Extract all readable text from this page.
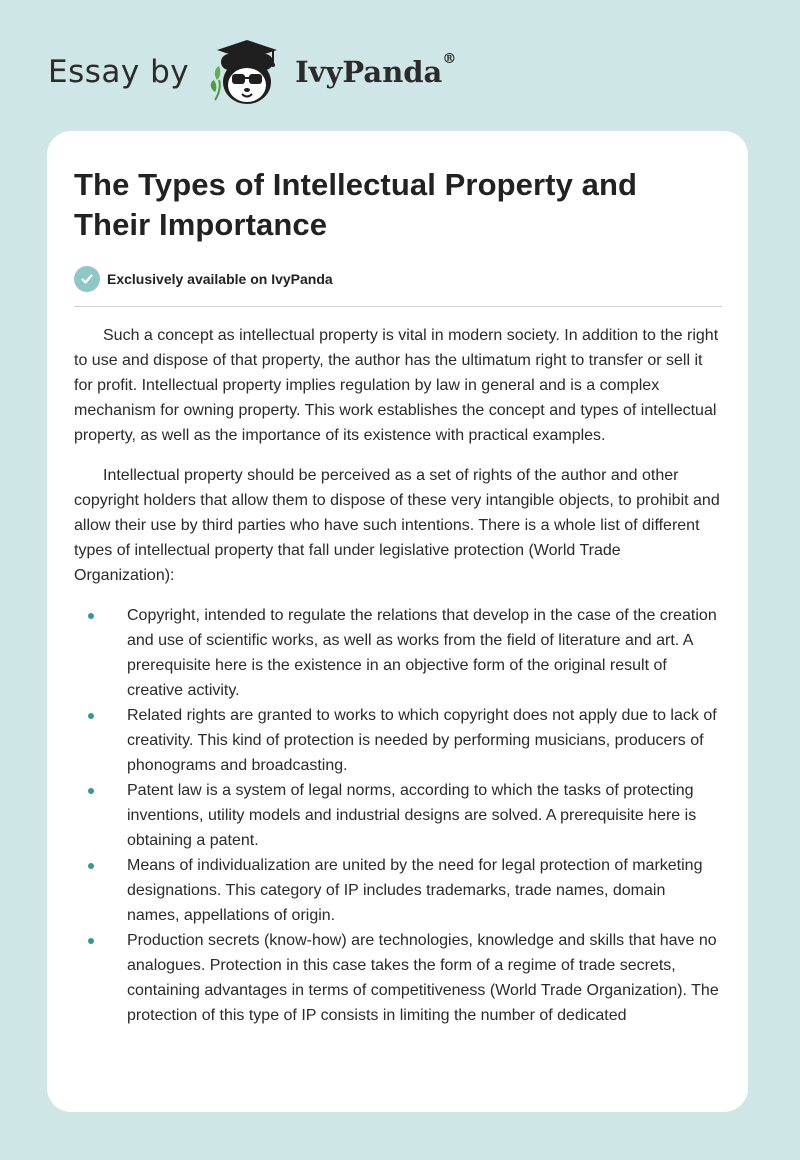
Essay by	IvyPanda®
The Types of Intellectual Property and Their Importance
Exclusively available on IvyPanda

Such a concept as intellectual property is vital in modern society. In addition to the right to use and dispose of that property, the author has the ultimatum right to transfer or sell it for profit. Intellectual property implies regulation by law in general and is a complex mechanism for owning property. This work establishes the concept and types of intellectual property, as well as the importance of its existence with practical examples.

Intellectual property should be perceived as a set of rights of the author and other copyright holders that allow them to dispose of these very intangible objects, to prohibit and allow their use by third parties who have such intentions. There is a whole list of different types of intellectual property that fall under legislative protection (World Trade Organization):

Copyright, intended to regulate the relations that develop in the case of the creation and use of scientific works, as well as works from the field of literature and art. A prerequisite here is the existence in an objective form of the original result of creative activity.
Related rights are granted to works to which copyright does not apply due to lack of creativity. This kind of protection is needed by performing musicians, producers of phonograms and broadcasting.
Patent law is a system of legal norms, according to which the tasks of protecting inventions, utility models and industrial designs are solved. A prerequisite here is obtaining a patent.
Means of individualization are united by the need for legal protection of marketing designations. This category of IP includes trademarks, trade names, domain names, appellations of origin.
Production secrets (know-how) are technologies, knowledge and skills that have no analogues. Protection in this case takes the form of a regime of trade secrets, containing advantages in terms of competitiveness (World Trade Organization). The protection of this type of IP consists in limiting the number of dedicated
